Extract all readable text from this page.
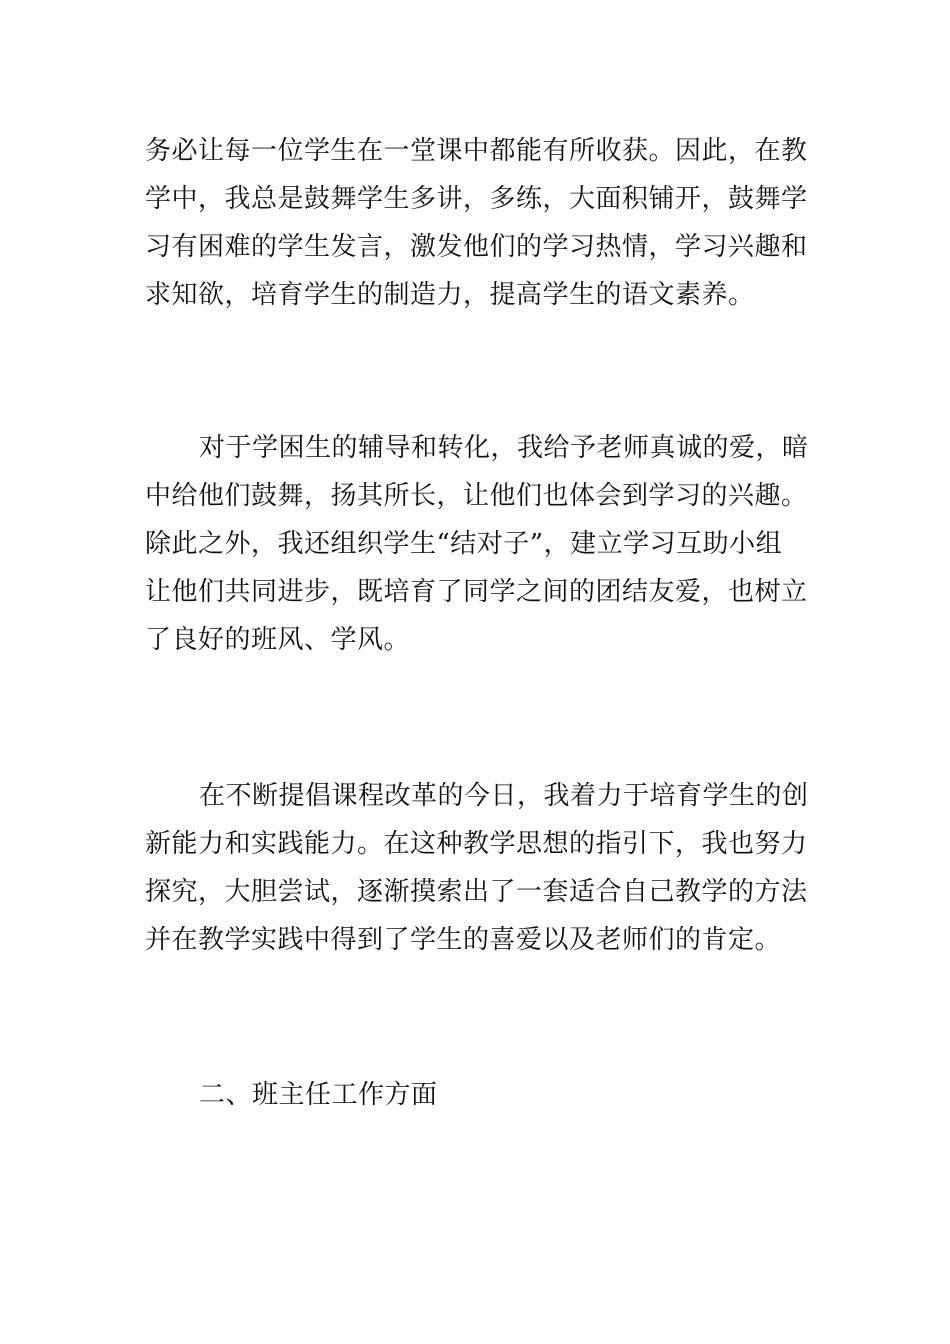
务必让每一位学生在一堂课中都能有所收获。因此，在教
学中，我总是鼓舞学生多讲，多练，大面积铺开，鼓舞学
习有困难的学生发言，激发他们的学习热情，学习兴趣和
求知欲，培育学生的制造力，提高学生的语文素养。
对于学困生的辅导和转化，我给予老师真诚的爱，暗
中给他们鼓舞，扬其所长，让他们也体会到学习的兴趣。
除此之外，我还组织学生“结对子”，建立学习互助小组
让他们共同进步，既培育了同学之间的团结友爱，也树立
了良好的班风、学风。
在不断提倡课程改革的今日，我着力于培育学生的创
新能力和实践能力。在这种教学思想的指引下，我也努力
探究，大胆尝试，逐渐摸索出了一套适合自己教学的方法
并在教学实践中得到了学生的喜爱以及老师们的肯定。
二、班主任工作方面
